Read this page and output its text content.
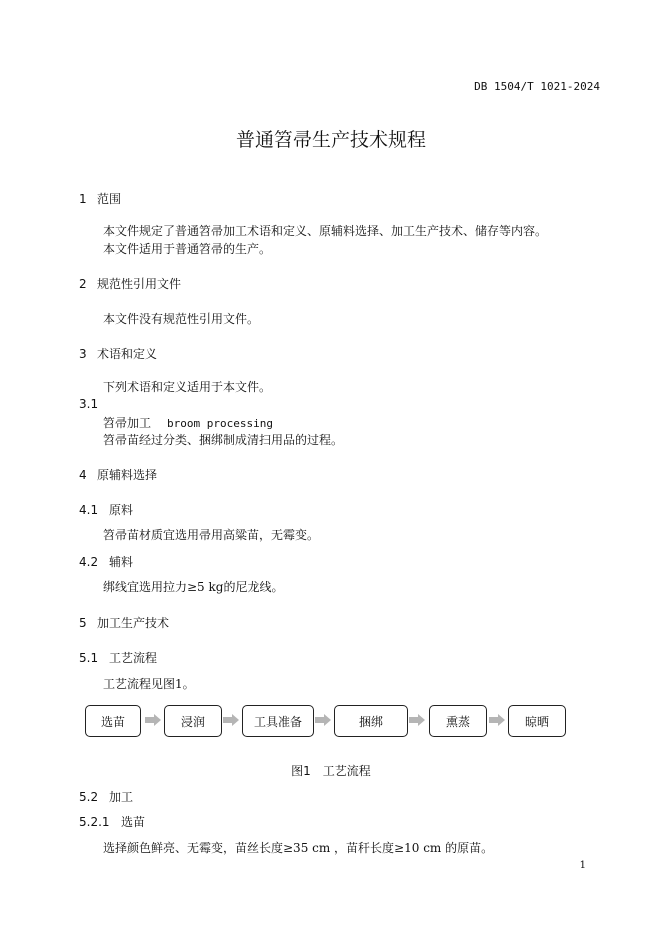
DB 1504/T 1021-2024
普通笤帚生产技术规程
1 范围
本文件规定了普通笤帚加工术语和定义、原辅料选择、加工生产技术、储存等内容。
本文件适用于普通笤帚的生产。
2 规范性引用文件
本文件没有规范性引用文件。
3 术语和定义
下列术语和定义适用于本文件。
3.1
笤帚加工 broom processing
笤帚苗经过分类、捆绑制成清扫用品的过程。
4 原辅料选择
4.1 原料
笤帚苗材质宜选用帚用高粱苗，无霉变。
4.2 辅料
绑线宜选用拉力≥5 kg的尼龙线。
5 加工生产技术
5.1 工艺流程
工艺流程见图1。
选苗	浸润	工具准备	捆绑	熏蒸	晾晒
图1　工艺流程
5.2 加工
5.2.1 选苗
选择颜色鲜亮、无霉变，苗丝长度≥35 cm ，苗秆长度≥10 cm 的原苗。
1
